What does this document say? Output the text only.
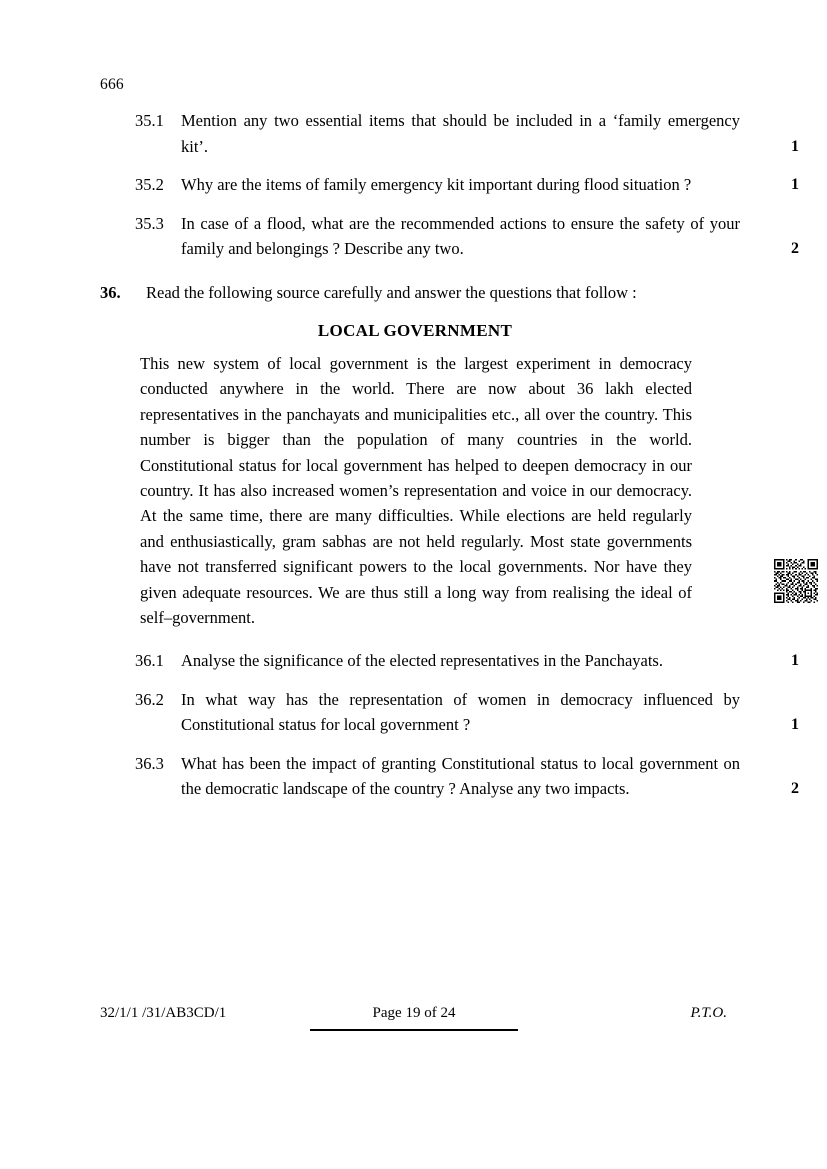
666
35.1	Mention any two essential items that should be included in a ‘family emergency kit’.	1
35.2	Why are the items of family emergency kit important during flood situation ?	1
35.3	In case of a flood, what are the recommended actions to ensure the safety of your family and belongings ? Describe any two.	2
36.	Read the following source carefully and answer the questions that follow :
LOCAL GOVERNMENT
This new system of local government is the largest experiment in democracy conducted anywhere in the world. There are now about 36 lakh elected representatives in the panchayats and municipalities etc., all over the country. This number is bigger than the population of many countries in the world. Constitutional status for local government has helped to deepen democracy in our country. It has also increased women’s representation and voice in our democracy. At the same time, there are many difficulties. While elections are held regularly and enthusiastically, gram sabhas are not held regularly. Most state governments have not transferred significant powers to the local governments. Nor have they given adequate resources. We are thus still a long way from realising the ideal of self–government.
36.1	Analyse the significance of the elected representatives in the Panchayats.	1
36.2	In what way has the representation of women in democracy influenced by Constitutional status for local government ?	1
36.3	What has been the impact of granting Constitutional status to local government on the democratic landscape of the country ? Analyse any two impacts.	2
32/1/1 /31/AB3CD/1	Page 19 of 24	P.T.O.
